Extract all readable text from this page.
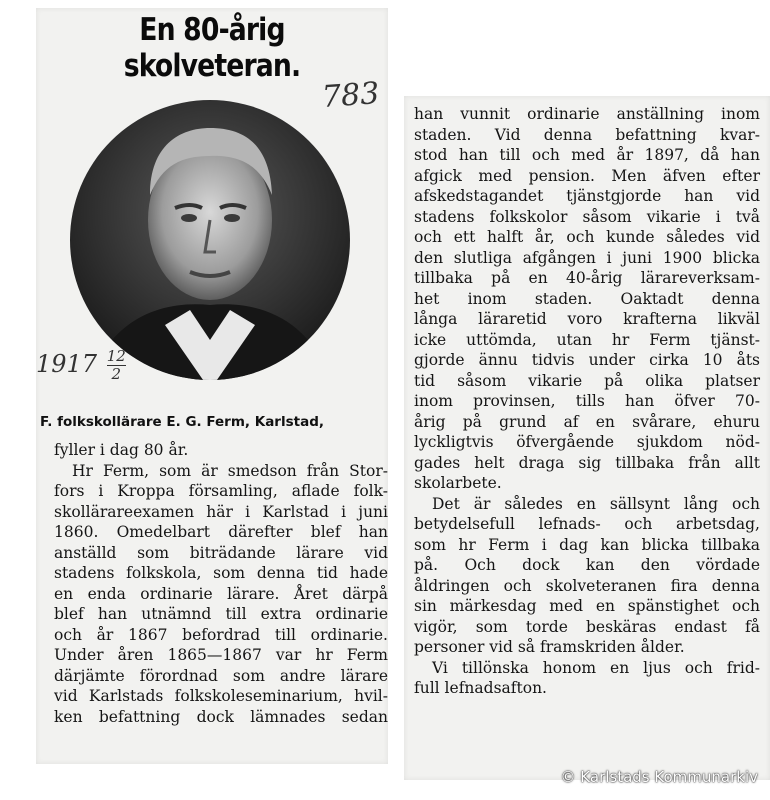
En 80-årig skolveteran.
783
$1917 \frac{12}{2}$
F. folkskollärare E. G. Ferm, Karlstad,
fyller i dag 80 år.
Hr Ferm, som är smedson från Stor-
fors i Kroppa församling, aflade folk-
skollärareexamen här i Karlstad i juni
1860. Omedelbart därefter blef han
anställd som biträdande lärare vid
stadens folkskola, som denna tid hade
en enda ordinarie lärare. Året därpå
blef han utnämnd till extra ordinarie
och år 1867 befordrad till ordinarie.
Under åren 1865—1867 var hr Ferm
därjämte förordnad som andre lärare
vid Karlstads folkskoleseminarium, hvil-
ken befattning dock lämnades sedan
han vunnit ordinarie anställning inom
staden. Vid denna befattning kvar-
stod han till och med år 1897, då han
afgick med pension. Men äfven efter
afskedstagandet tjänstgjorde han vid
stadens folkskolor såsom vikarie i två
och ett halft år, och kunde således vid
den slutliga afgången i juni 1900 blicka
tillbaka på en 40-årig lärareverksam-
het inom staden. Oaktadt denna
långa läraretid voro krafterna likväl
icke uttömda, utan hr Ferm tjänst-
gjorde ännu tidvis under cirka 10 åts
tid såsom vikarie på olika platser
inom provinsen, tills han öfver 70-
årig på grund af en svårare, ehuru
lyckligtvis öfvergående sjukdom nöd-
gades helt draga sig tillbaka från allt
skolarbete.
Det är således en sällsynt lång och
betydelsefull lefnads- och arbetsdag,
som hr Ferm i dag kan blicka tillbaka
på. Och dock kan den vördade
åldringen och skolveteranen fira denna
sin märkesdag med en spänstighet och
vigör, som torde beskäras endast få
personer vid så framskriden ålder.
Vi tillönska honom en ljus och frid-
full lefnadsafton.
© Karlstads Kommunarkiv
